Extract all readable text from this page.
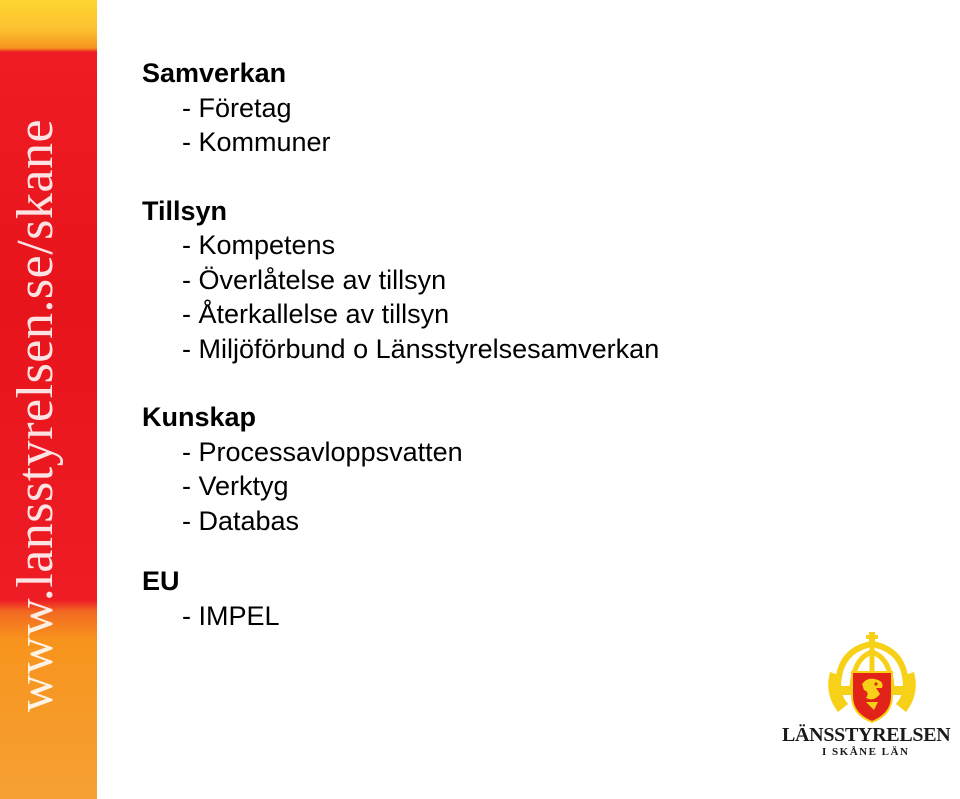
www.lansstyrelsen.se/skane
Samverkan
- Företag
- Kommuner
Tillsyn
- Kompetens
- Överlåtelse av tillsyn
- Återkallelse av tillsyn
- Miljöförbund o Länsstyrelsesamverkan
Kunskap
- Processavloppsvatten
- Verktyg
- Databas
EU
- IMPEL
LÄNSSTYRELSEN
I SKÅNE LÄN
